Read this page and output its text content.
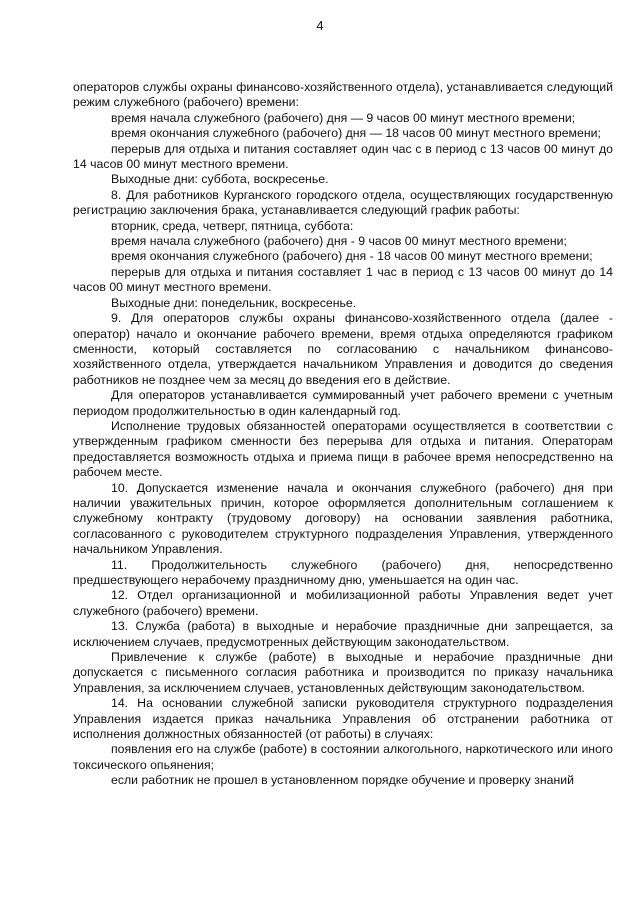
4

операторов службы охраны финансово-хозяйственного отдела), устанавливается следующий режим служебного (рабочего) времени:

время начала служебного (рабочего) дня — 9 часов 00 минут местного времени;

время окончания служебного (рабочего) дня — 18 часов 00 минут местного времени;

перерыв для отдыха и питания составляет один час с в период с 13 часов 00 минут до 14 часов 00 минут местного времени.

Выходные дни: суббота, воскресенье.

8. Для работников Курганского городского отдела, осуществляющих государственную регистрацию заключения брака, устанавливается следующий график работы:

вторник, среда, четверг, пятница, суббота:

время начала служебного (рабочего) дня - 9 часов 00 минут местного времени;

время окончания служебного (рабочего) дня - 18 часов 00 минут местного времени;

перерыв для отдыха и питания составляет 1 час в период с 13 часов 00 минут до 14 часов 00 минут местного времени.

Выходные дни: понедельник, воскресенье.

9. Для операторов службы охраны финансово-хозяйственного отдела (далее - оператор) начало и окончание рабочего времени, время отдыха определяются графиком сменности, который составляется по согласованию с начальником финансово-хозяйственного отдела, утверждается начальником Управления и доводится до сведения работников не позднее чем за месяц до введения его в действие.

Для операторов устанавливается суммированный учет рабочего времени с учетным периодом продолжительностью в один календарный год.

Исполнение трудовых обязанностей операторами осуществляется в соответствии с утвержденным графиком сменности без перерыва для отдыха и питания. Операторам предоставляется возможность отдыха и приема пищи в рабочее время непосредственно на рабочем месте.

10. Допускается изменение начала и окончания служебного (рабочего) дня при наличии уважительных причин, которое оформляется дополнительным соглашением к служебному контракту (трудовому договору) на основании заявления работника, согласованного с руководителем структурного подразделения Управления, утвержденного начальником Управления.

11. Продолжительность служебного (рабочего) дня, непосредственно предшествующего нерабочему праздничному дню, уменьшается на один час.

12. Отдел организационной и мобилизационной работы Управления ведет учет служебного (рабочего) времени.

13. Служба (работа) в выходные и нерабочие праздничные дни запрещается, за исключением случаев, предусмотренных действующим законодательством.

Привлечение к службе (работе) в выходные и нерабочие праздничные дни допускается с письменного согласия работника и производится по приказу начальника Управления, за исключением случаев, установленных действующим законодательством.

14. На основании служебной записки руководителя структурного подразделения Управления издается приказ начальника Управления об отстранении работника от исполнения должностных обязанностей (от работы) в случаях:

появления его на службе (работе) в состоянии алкогольного, наркотического или иного токсического опьянения;

если работник не прошел в установленном порядке обучение и проверку знаний
